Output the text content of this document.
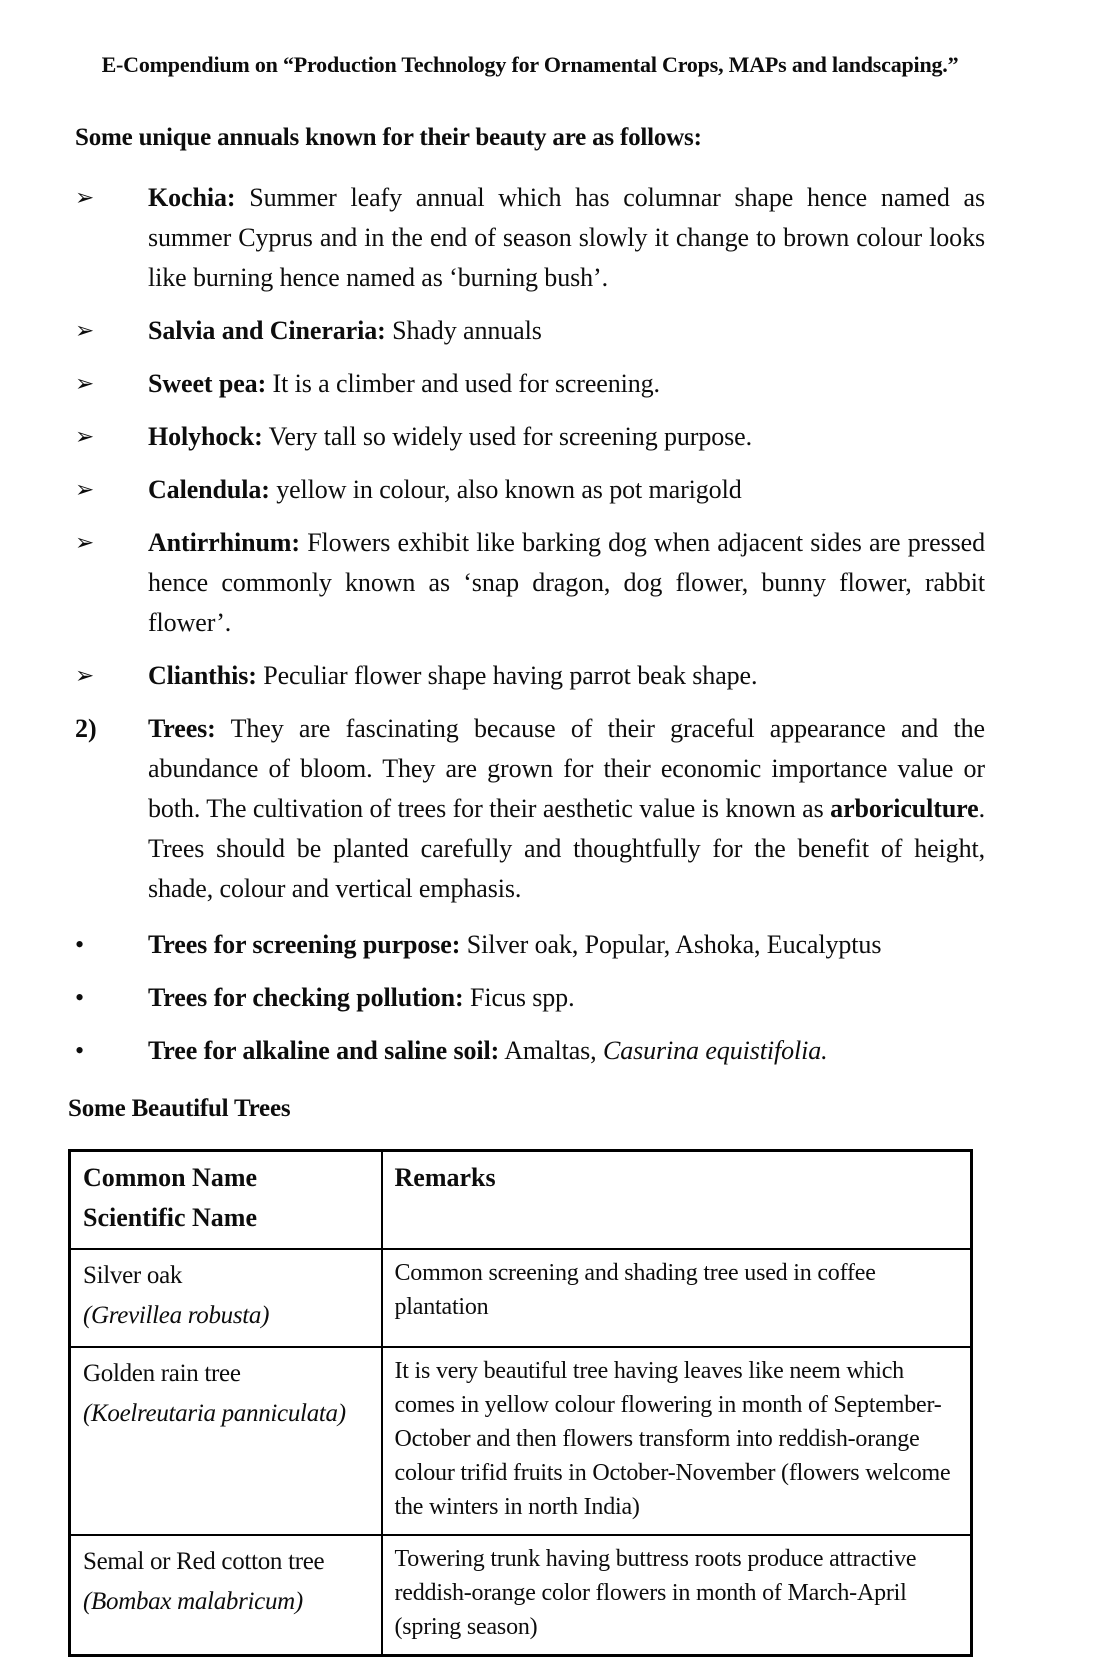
E-Compendium on “Production Technology for Ornamental Crops, MAPs and landscaping.”
Some unique annuals known for their beauty are as follows:
➢	Kochia: Summer leafy annual which has columnar shape hence named as summer Cyprus and in the end of season slowly it change to brown colour looks like burning hence named as ‘burning bush’.

➢	Salvia and Cineraria: Shady annuals

➢	Sweet pea: It is a climber and used for screening.

➢	Holyhock: Very tall so widely used for screening purpose.

➢	Calendula: yellow in colour, also known as pot marigold

➢	Antirrhinum: Flowers exhibit like barking dog when adjacent sides are pressed hence commonly known as ‘snap dragon, dog flower, bunny flower, rabbit flower’.

➢	Clianthis: Peculiar flower shape having parrot beak shape.

2)	Trees: They are fascinating because of their graceful appearance and the abundance of bloom. They are grown for their economic importance value or both. The cultivation of trees for their aesthetic value is known as arboriculture. Trees should be planted carefully and thoughtfully for the benefit of height, shade, colour and vertical emphasis.

•	Trees for screening purpose: Silver oak, Popular, Ashoka, Eucalyptus

•	Trees for checking pollution: Ficus spp.

•	Tree for alkaline and saline soil: Amaltas, Casurina equistifolia.

Some Beautiful Trees
Common Name
Scientific Name	Remarks

Silver oak
(Grevillea robusta)	Common screening and shading tree used in coffee plantation

Golden rain tree
(Koelreutaria panniculata)	It is very beautiful tree having leaves like neem which comes in yellow colour flowering in month of September-October and then flowers transform into reddish-orange colour trifid fruits in October-November (flowers welcome the winters in north India)

Semal or Red cotton tree
(Bombax malabricum)	Towering trunk having buttress roots produce attractive reddish-orange color flowers in month of March-April (spring season)
